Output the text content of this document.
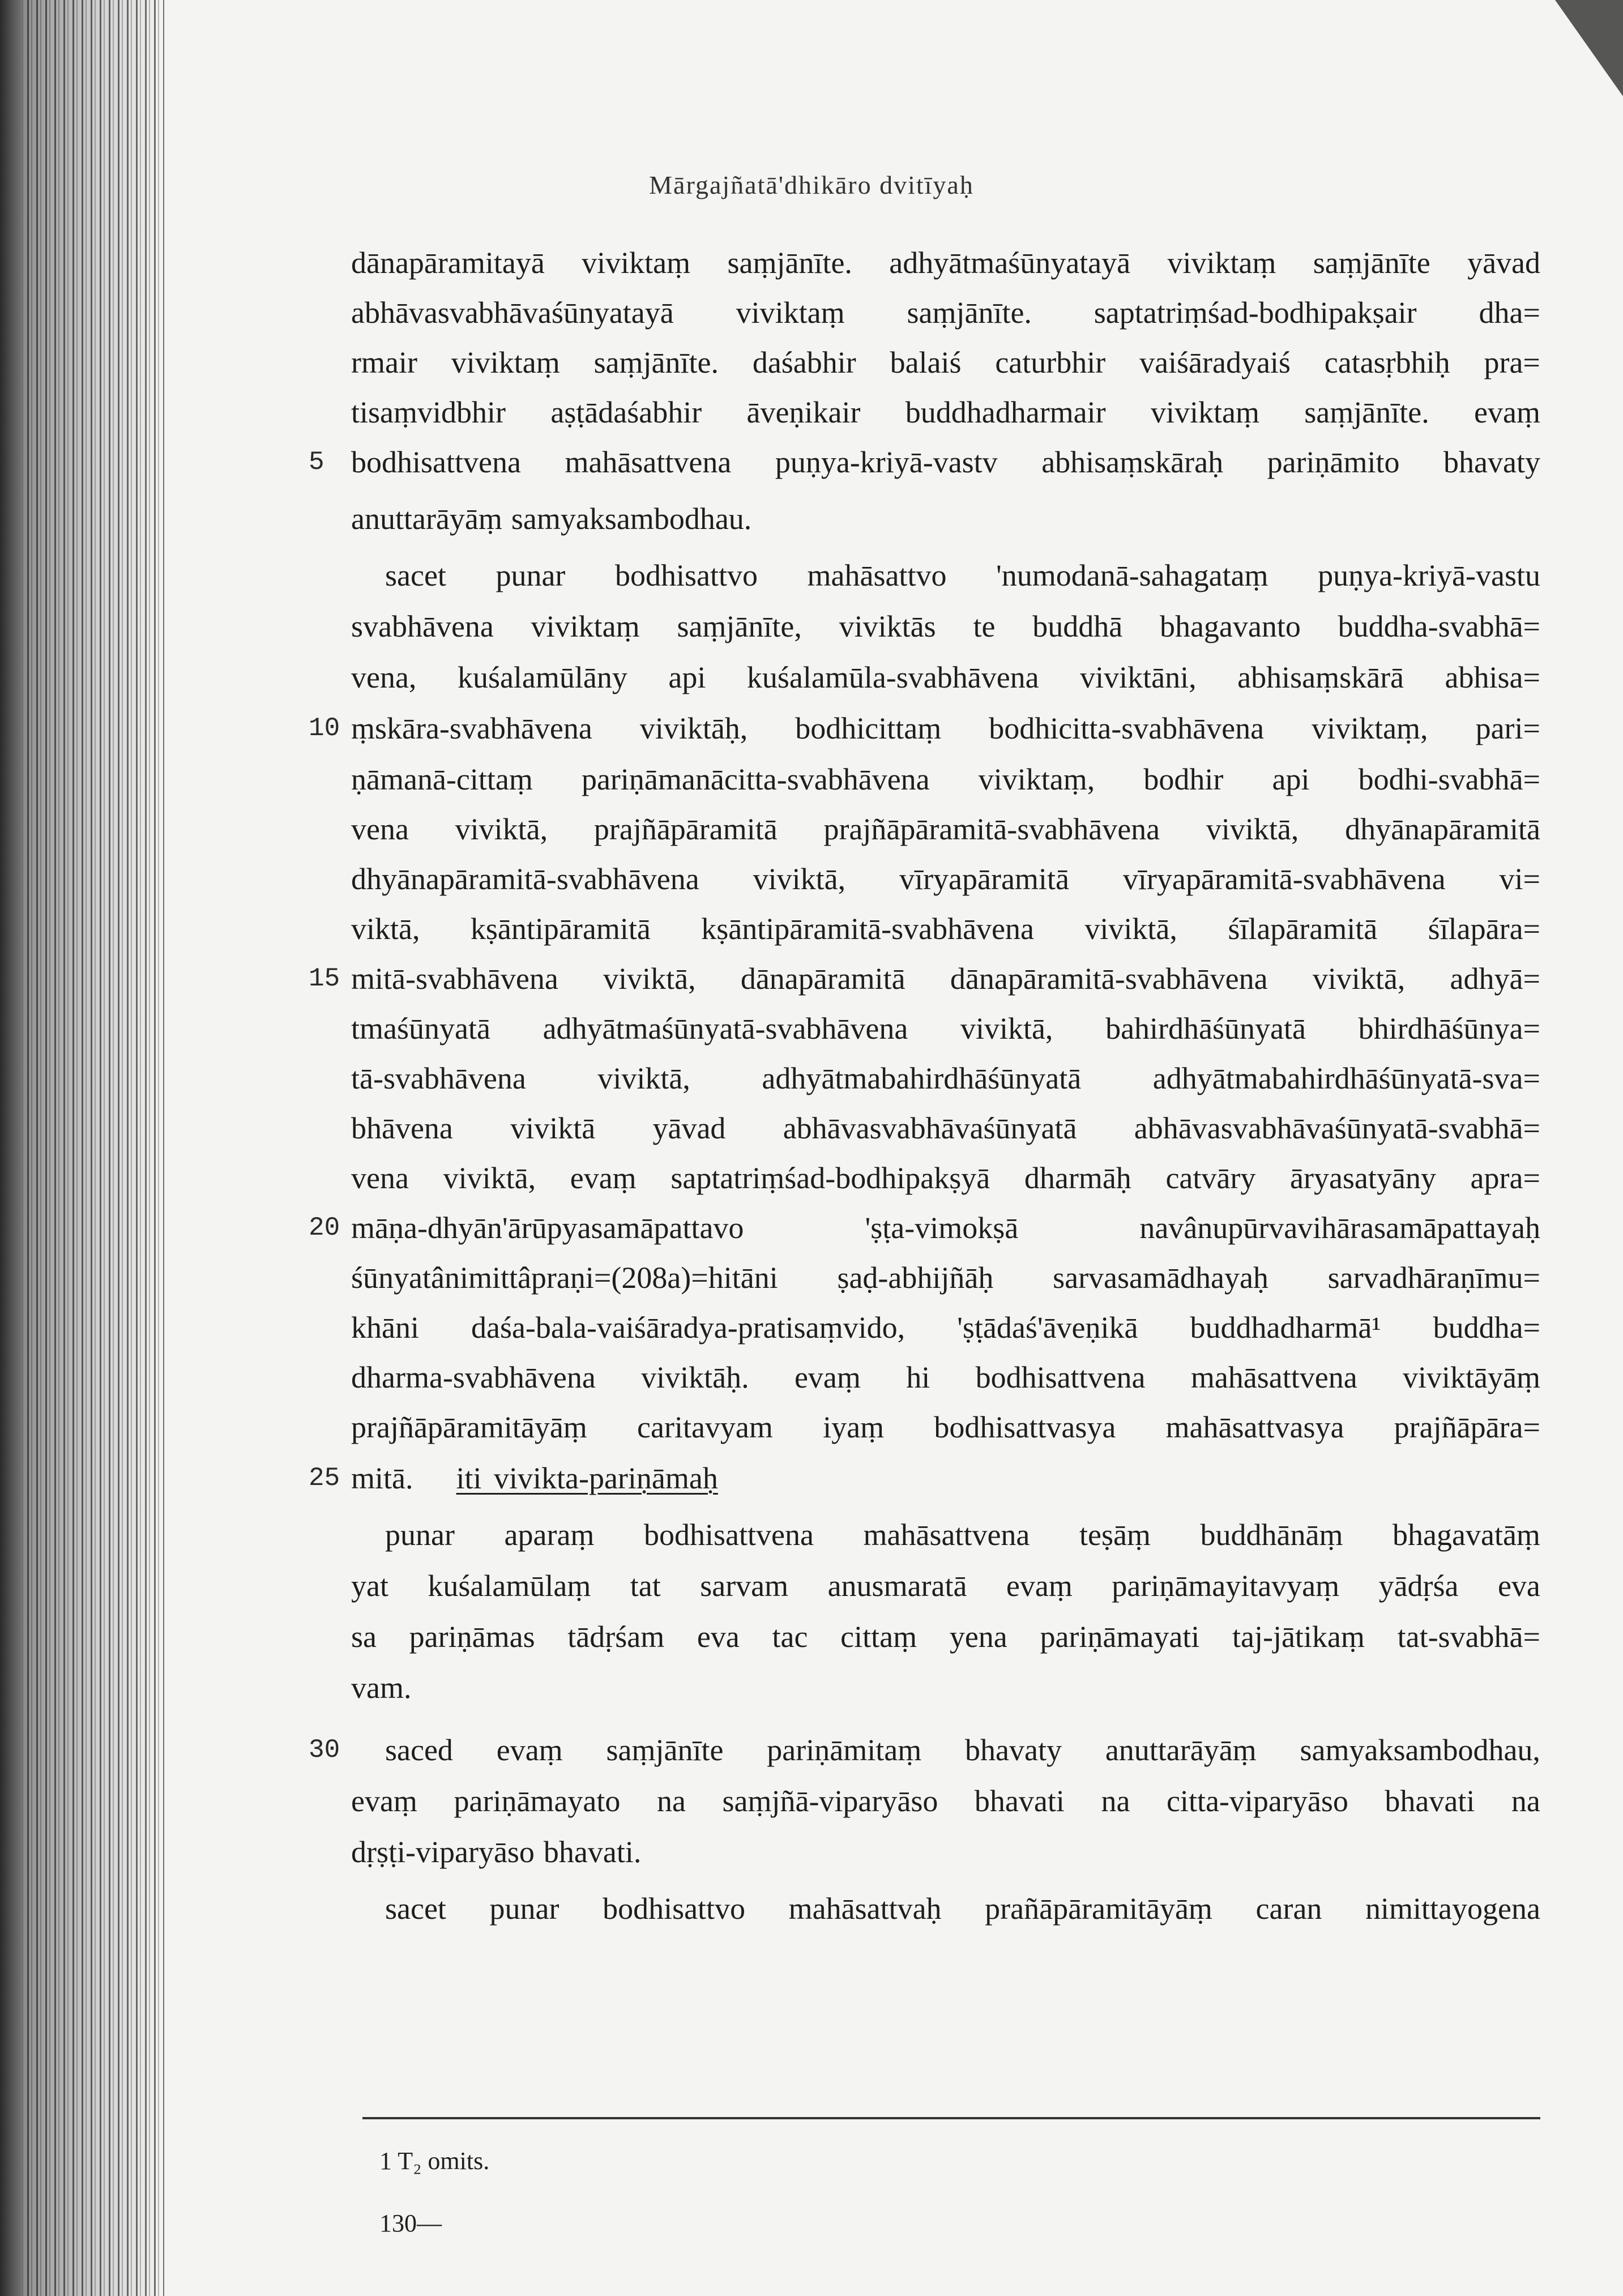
Mārgajñatā'dhikāro dvitīyaḥ
dānapāramitayā viviktaṃ saṃjānīte. adhyātmaśūnyatayā viviktaṃ saṃjānīte yāvad
abhāvasvabhāvaśūnyatayā viviktaṃ saṃjānīte. saptatriṃśad-bodhipakṣair dha=
rmair viviktaṃ saṃjānīte. daśabhir balaiś caturbhir vaiśāradyaiś catasṛbhiḥ pra=
tisaṃvidbhir aṣṭādaśabhir āveṇikair buddhadharmair viviktaṃ saṃjānīte. evaṃ
5 bodhisattvena mahāsattvena puṇya-kriyā-vastv abhisaṃskāraḥ pariṇāmito bhavaty
anuttarāyāṃ samyaksambodhau.
sacet punar bodhisattvo mahāsattvo 'numodanā-sahagataṃ puṇya-kriyā-vastu
svabhāvena viviktaṃ saṃjānīte, viviktās te buddhā bhagavanto buddha-svabhā=
vena, kuśalamūlāny api kuśalamūla-svabhāvena viviktāni, abhisaṃskārā abhisa=
10 ṃskāra-svabhāvena viviktāḥ, bodhicittaṃ bodhicitta-svabhāvena viviktaṃ, pari=
ṇāmanā-cittaṃ pariṇāmanācitta-svabhāvena viviktaṃ, bodhir api bodhi-svabhā=
vena viviktā, prajñāpāramitā prajñāpāramitā-svabhāvena viviktā, dhyānapāramitā
dhyānapāramitā-svabhāvena viviktā, vīryapāramitā vīryapāramitā-svabhāvena vi=
viktā, kṣāntipāramitā kṣāntipāramitā-svabhāvena viviktā, śīlapāramitā śīlapāra=
15 mitā-svabhāvena viviktā, dānapāramitā dānapāramitā-svabhāvena viviktā, adhyā=
tmaśūnyatā adhyātmaśūnyatā-svabhāvena viviktā, bahirdhāśūnyatā bhirdhāśūnya=
tā-svabhāvena viviktā, adhyātmabahirdhāśūnyatā adhyātmabahirdhāśūnyatā-sva=
bhāvena viviktā yāvad abhāvasvabhāvaśūnyatā abhāvasvabhāvaśūnyatā-svabhā=
vena viviktā, evaṃ saptatriṃśad-bodhipakṣyā dharmāḥ catvāry āryasatyāny apra=
20 māṇa-dhyān'ārūpyasamāpattavo	'ṣṭa-vimokṣā	navânupūrvavihārasamāpattayaḥ
śūnyatânimittâpraṇi=(208a)=hitāni ṣaḍ-abhijñāḥ sarvasamādhayaḥ sarvadhāraṇīmu=
khāni daśa-bala-vaiśāradya-pratisaṃvido, 'ṣṭādaś'āveṇikā buddhadharmā¹ buddha=
dharma-svabhāvena viviktāḥ. evaṃ hi bodhisattvena mahāsattvena viviktāyāṃ
prajñāpāramitāyāṃ caritavyam iyaṃ bodhisattvasya mahāsattvasya prajñāpāra=
25 mitā. iti vivikta-pariṇāmaḥ
punar aparaṃ bodhisattvena mahāsattvena teṣāṃ buddhānāṃ bhagavatāṃ
yat kuśalamūlaṃ tat sarvam anusmaratā evaṃ pariṇāmayitavyaṃ yādṛśa eva
sa pariṇāmas tādṛśam eva tac cittaṃ yena pariṇāmayati taj-jātikaṃ tat-svabhā=
vam.
30 saced evaṃ saṃjānīte pariṇāmitaṃ bhavaty anuttarāyāṃ samyaksambodhau,
evaṃ pariṇāmayato na saṃjñā-viparyāso bhavati na citta-viparyāso bhavati na
dṛṣṭi-viparyāso bhavati.
sacet punar bodhisattvo mahāsattvaḥ prañāpāramitāyāṃ caran nimittayogena
1 T₂ omits.
130—
